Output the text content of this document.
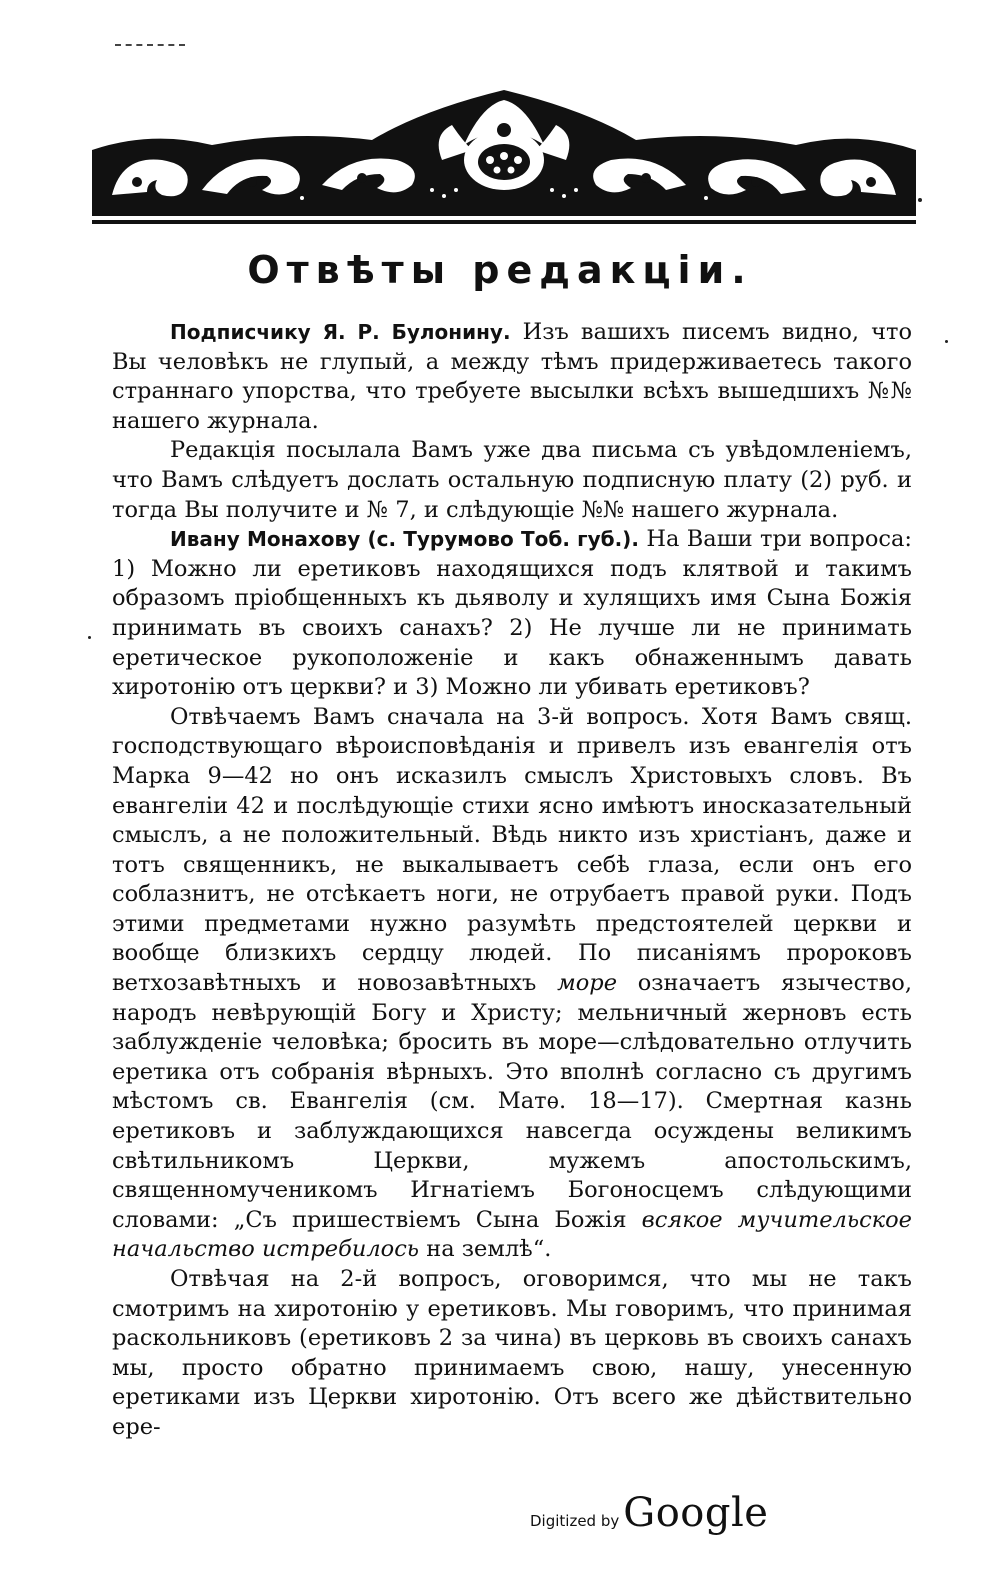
Отвѣты редакціи.

Подписчику Я. Р. Булонину. Изъ вашихъ писемъ видно, что Вы человѣкъ не глупый, а между тѣмъ придерживаетесь такого страннаго упорства, что требуете высылки всѣхъ вышедшихъ №№ нашего журнала.

Редакція посылала Вамъ уже два письма съ увѣдомленіемъ, что Вамъ слѣдуетъ дослать остальную подписную плату (2) руб. и тогда Вы получите и № 7, и слѣдующіе №№ нашего журнала.

Ивану Монахову (с. Турумово Тоб. губ.). На Ваши три вопроса: 1) Можно ли еретиковъ находящихся подъ клятвой и такимъ образомъ пріобщенныхъ къ дьяволу и хулящихъ имя Сына Божія принимать въ своихъ санахъ? 2) Не лучше ли не принимать еретическое рукоположеніе и какъ обнаженнымъ давать хиротонію отъ церкви? и 3) Можно ли убивать еретиковъ?

Отвѣчаемъ Вамъ сначала на 3-й вопросъ. Хотя Вамъ свящ. господствующаго вѣроисповѣданія и привелъ изъ евангелія отъ Марка 9—42 но онъ исказилъ смыслъ Христовыхъ словъ. Въ евангеліи 42 и послѣдующіе стихи ясно имѣютъ иносказательный смыслъ, а не положительный. Вѣдь никто изъ христіанъ, даже и тотъ священникъ, не выкалываетъ себѣ глаза, если онъ его соблазнитъ, не отсѣкаетъ ноги, не отрубаетъ правой руки. Подъ этими предметами нужно разумѣть предстоятелей церкви и вообще близкихъ сердцу людей. По писаніямъ пророковъ ветхозавѣтныхъ и новозавѣтныхъ море означаетъ язычество, народъ невѣрующій Богу и Христу; мельничный жерновъ есть заблужденіе человѣка; бросить въ море—слѣдовательно отлучить еретика отъ собранія вѣрныхъ. Это вполнѣ согласно съ другимъ мѣстомъ св. Евангелія (см. Матѳ. 18—17). Смертная казнь еретиковъ и заблуждающихся навсегда осуждены великимъ свѣтильникомъ Церкви, мужемъ апостольскимъ, священномученикомъ Игнатіемъ Богоносцемъ слѣдующими словами: „Съ пришествіемъ Сына Божія всякое мучительское начальство истребилось на землѣ“.

Отвѣчая на 2-й вопросъ, оговоримся, что мы не такъ смотримъ на хиротонію у еретиковъ. Мы говоримъ, что принимая раскольниковъ (еретиковъ 2 за чина) въ церковь въ своихъ санахъ мы, просто обратно принимаемъ свою, нашу, унесенную еретиками изъ Церкви хиротонію. Отъ всего же дѣйствительно ере-

Digitized by Google
